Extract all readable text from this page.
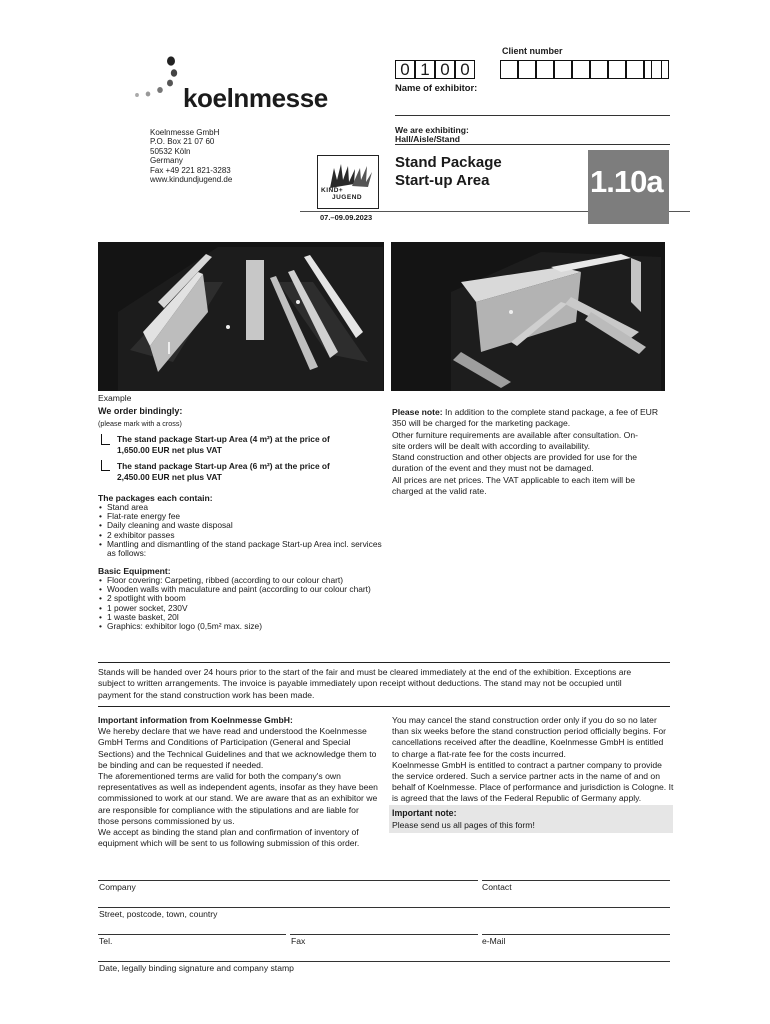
koelnmesse
Client number
0 1 0 0
Name of exhibitor:
We are exhibiting:
Hall/Aisle/Stand
Koelnmesse GmbH
P.O. Box 21 07 60
50532 Köln
Germany
Fax +49 221 821-3283
www.kindundjugend.de
KIND+
JUGEND
07.–09.09.2023
Stand Package
Start-up Area	1.10a
Example
We order bindingly:
(please mark with a cross)
The stand package Start-up Area (4 m²) at the price of
1,650.00 EUR net plus VAT
The stand package Start-up Area (6 m²) at the price of
2,450.00 EUR net plus VAT
The packages each contain:
• Stand area
• Flat-rate energy fee
• Daily cleaning and waste disposal
• 2 exhibitor passes
• Mantling and dismantling of the stand package Start-up Area incl. services as follows:
Basic Equipment:
• Floor covering: Carpeting, ribbed (according to our colour chart)
• Wooden walls with maculature and paint (according to our colour chart)
• 2 spotlight with boom
• 1 power socket, 230V
• 1 waste basket, 20l
• Graphics: exhibitor logo (0,5m² max. size)
Please note: In addition to the complete stand package, a fee of EUR
350 will be charged for the marketing package.
Other furniture requirements are available after consultation. On-
site orders will be dealt with according to availability.
Stand construction and other objects are provided for use for the
duration of the event and they must not be damaged.
All prices are net prices. The VAT applicable to each item will be
charged at the valid rate.
Stands will be handed over 24 hours prior to the start of the fair and must be cleared immediately at the end of the exhibition. Exceptions are
subject to written arrangements. The invoice is payable immediately upon receipt without deductions. The stand may not be occupied until
payment for the stand construction work has been made.
Important information from Koelnmesse GmbH:
We hereby declare that we have read and understood the Koelnmesse
GmbH Terms and Conditions of Participation (General and Special
Sections) and the Technical Guidelines and that we acknowledge them to
be binding and can be requested if needed.
The aforementioned terms are valid for both the company's own
representatives as well as independent agents, insofar as they have been
commissioned to work at our stand. We are aware that as an exhibitor we
are responsible for compliance with the stipulations and are liable for
those persons commissioned by us.
We accept as binding the stand plan and confirmation of inventory of
equipment which will be sent to us following submission of this order.
You may cancel the stand construction order only if you do so no later
than six weeks before the stand construction period officially begins. For
cancellations received after the deadline, Koelnmesse GmbH is entitled
to charge a flat-rate fee for the costs incurred.
Koelnmesse GmbH is entitled to contract a partner company to provide
the service ordered. Such a service partner acts in the name of and on
behalf of Koelnmesse. Place of performance and jurisdiction is Cologne. It
is agreed that the laws of the Federal Republic of Germany apply.
Important note:
Please send us all pages of this form!
Company	Contact
Street, postcode, town, country
Tel.	Fax	e-Mail
Date, legally binding signature and company stamp
